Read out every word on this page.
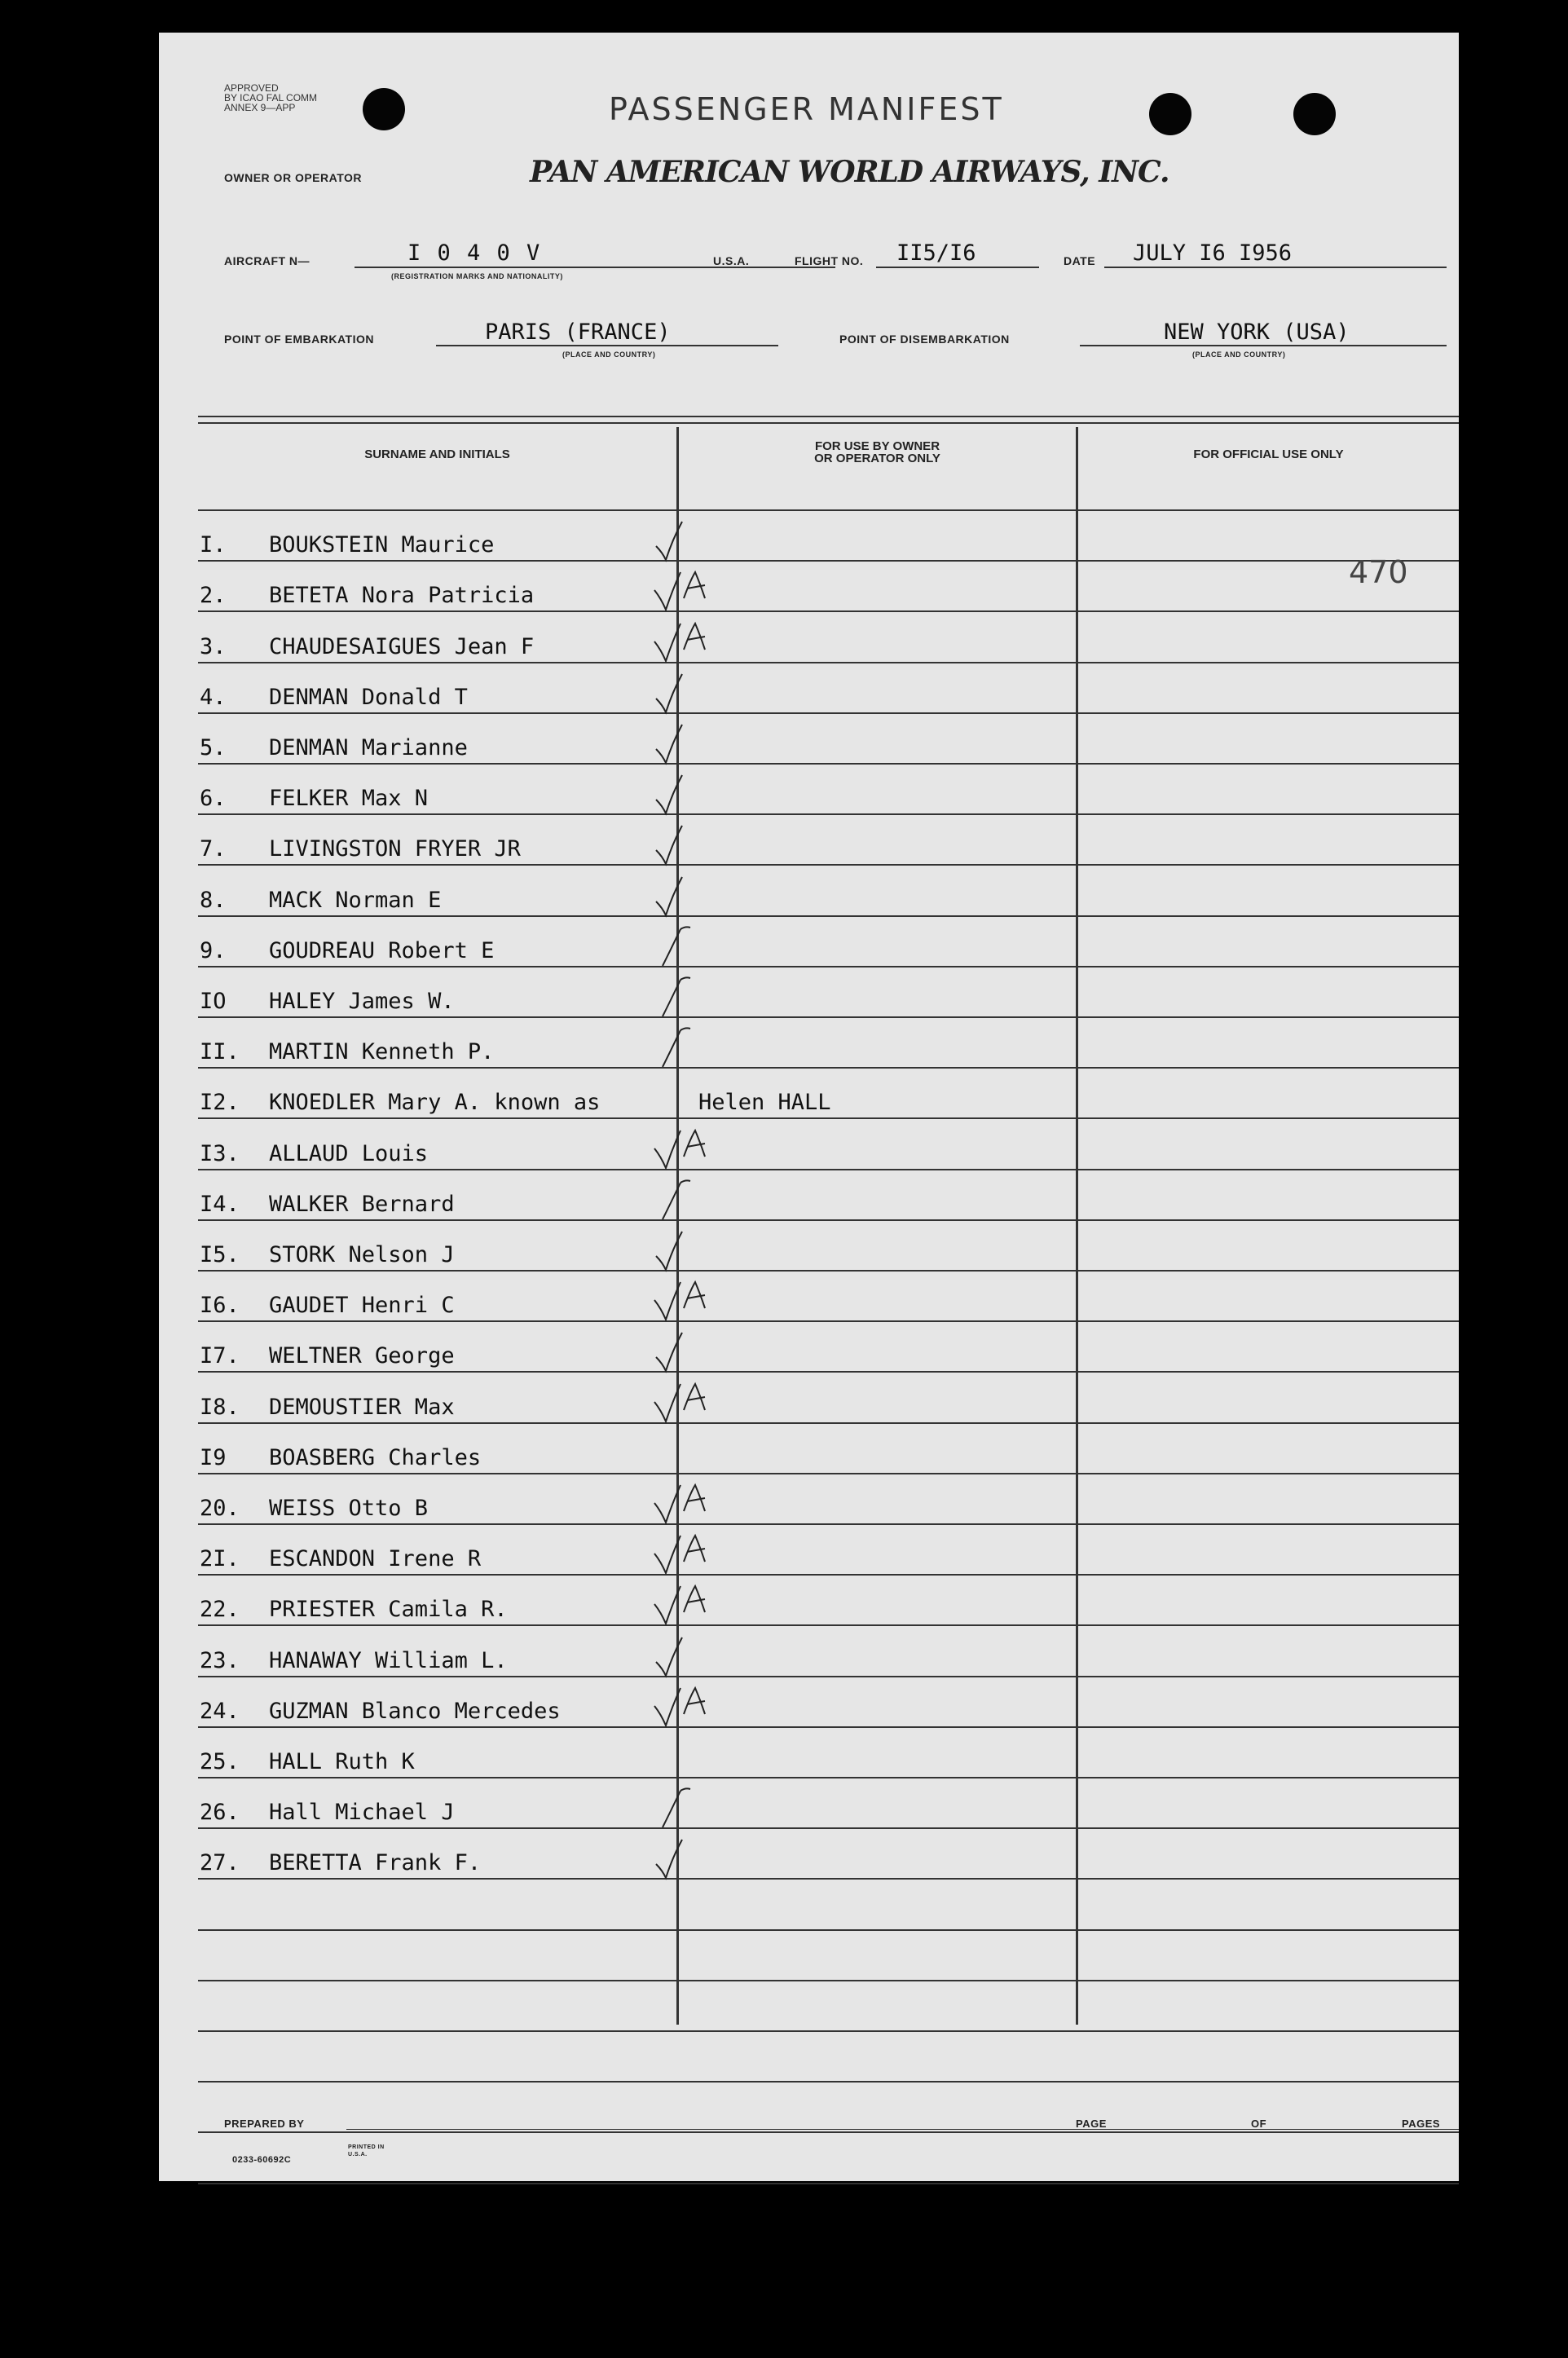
APPROVED
BY ICAO FAL COMM
ANNEX 9—APP	PASSENGER MANIFEST
OWNER OR OPERATOR	PAN AMERICAN WORLD AIRWAYS, INC.
AIRCRAFT N—	I 0 4 0 V
(REGISTRATION MARKS AND NATIONALITY)
U.S.A.	FLIGHT NO. II5/I6	DATE JULY I6 I956
POINT OF EMBARKATION	PARIS (FRANCE)
(PLACE AND COUNTRY)
POINT OF DISEMBARKATION	NEW YORK (USA)
(PLACE AND COUNTRY)
SURNAME AND INITIALS
FOR USE BY OWNER
OR OPERATOR ONLY	FOR OFFICIAL USE ONLY
I. BOUKSTEIN Maurice
2. BETETA Nora Patricia
3. CHAUDESAIGUES Jean F
4. DENMAN Donald T
5. DENMAN Marianne
6. FELKER Max N
7. LIVINGSTON FRYER JR
8. MACK Norman E
9. GOUDREAU Robert E
IO HALEY James W.
II. MARTIN Kenneth P.
I2. KNOEDLER Mary A. known as	Helen HALL
I3. ALLAUD Louis
I4. WALKER Bernard
I5. STORK Nelson J
I6. GAUDET Henri C
I7. WELTNER George
I8. DEMOUSTIER Max
I9 BOASBERG Charles
20. WEISS Otto B
2I. ESCANDON Irene R
22. PRIESTER Camila R.
23. HANAWAY William L.
24. GUZMAN Blanco Mercedes
25. HALL Ruth K
26. Hall Michael J
27. BERETTA Frank F.
470
PREPARED BY	PAGE	OF	PAGES
0233-60692C
PRINTED IN U.S.A.
